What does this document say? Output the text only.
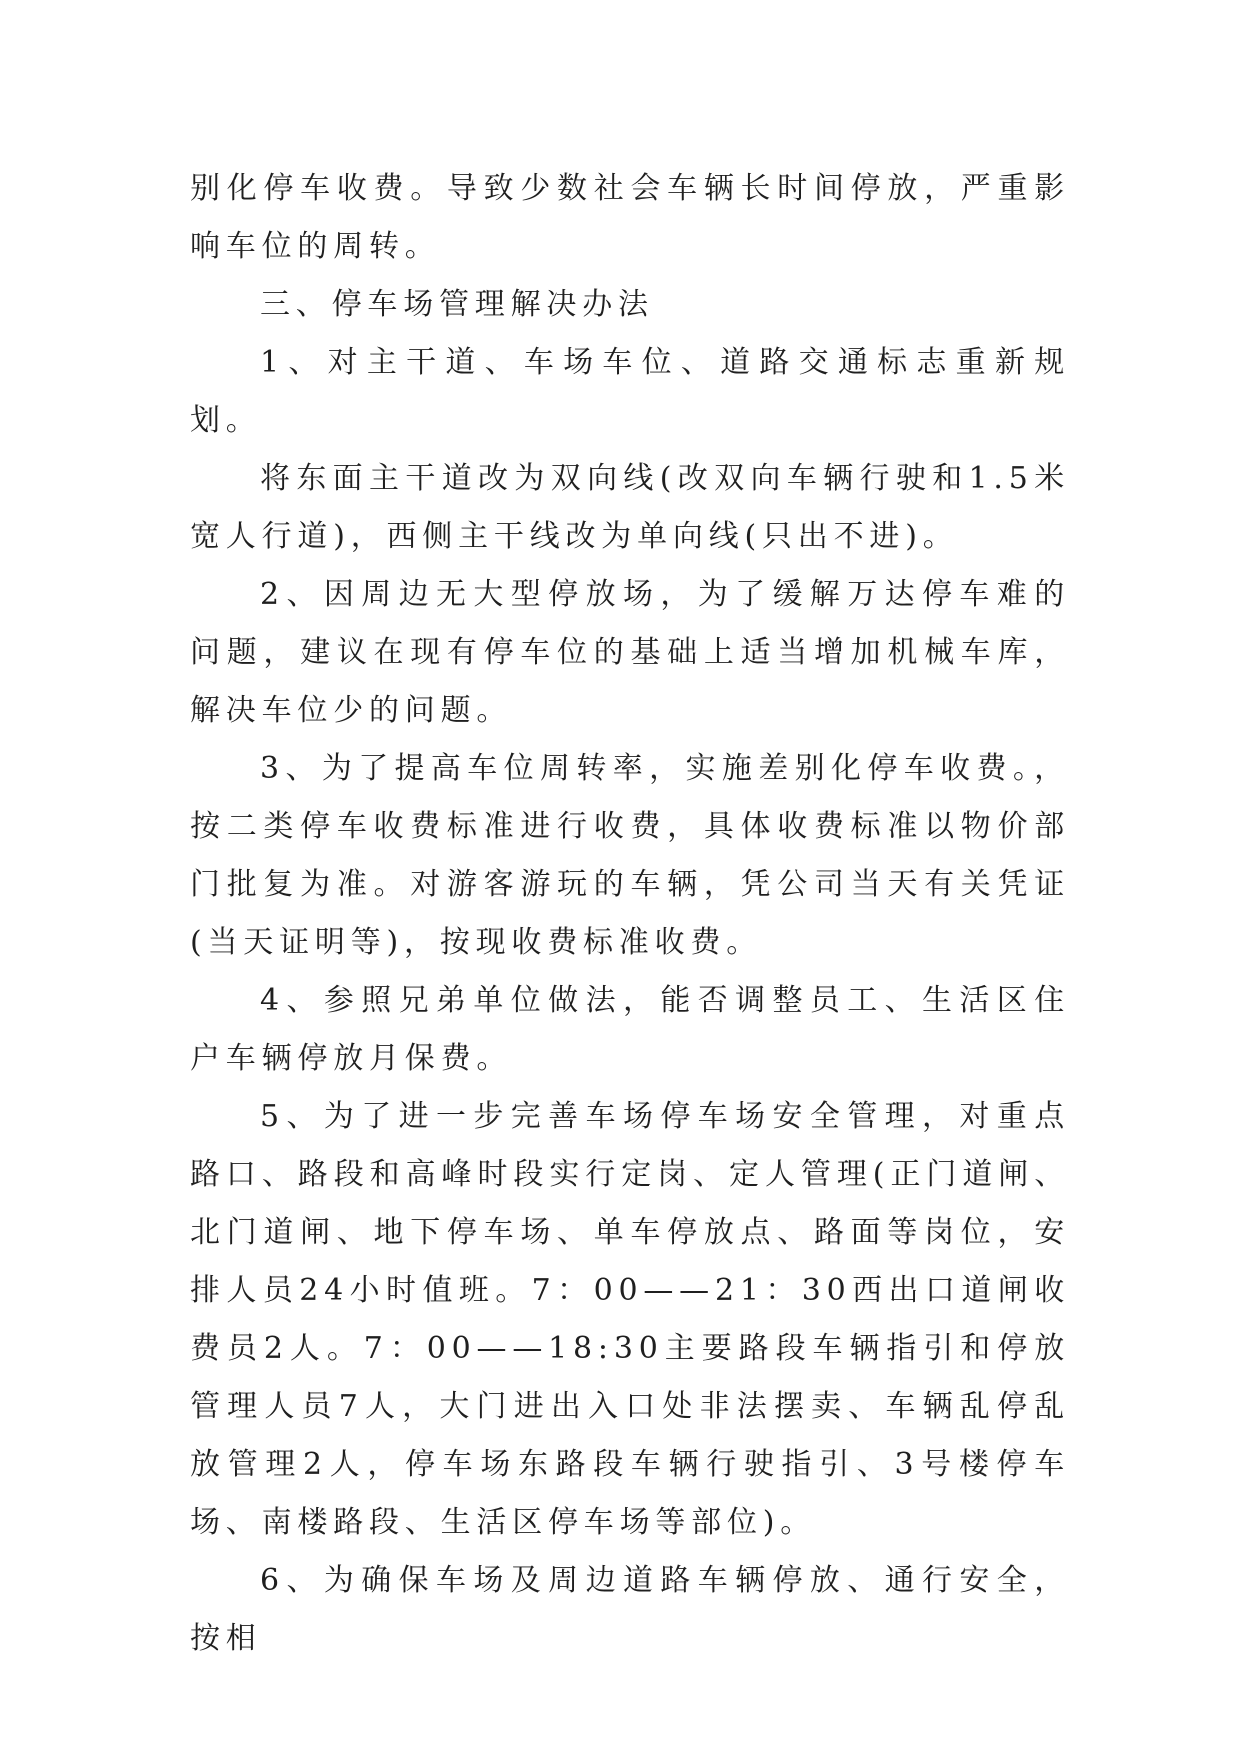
别化停车收费。导致少数社会车辆长时间停放，严重影响车位的周转。

三、停车场管理解决办法

1、对主干道、车场车位、道路交通标志重新规划。

将东面主干道改为双向线(改双向车辆行驶和1.5米宽人行道)，西侧主干线改为单向线(只出不进)。

2、因周边无大型停放场，为了缓解万达停车难的问题，建议在现有停车位的基础上适当增加机械车库，解决车位少的问题。

3、为了提高车位周转率，实施差别化停车收费。，按二类停车收费标准进行收费，具体收费标准以物价部门批复为准。对游客游玩的车辆，凭公司当天有关凭证(当天证明等)，按现收费标准收费。

4、参照兄弟单位做法，能否调整员工、生活区住户车辆停放月保费。

5、为了进一步完善车场停车场安全管理，对重点路口、路段和高峰时段实行定岗、定人管理(正门道闸、北门道闸、地下停车场、单车停放点、路面等岗位，安排人员24小时值班。7：00——21：30西出口道闸收费员2人。7：00——18:30主要路段车辆指引和停放管理人员7人，大门进出入口处非法摆卖、车辆乱停乱放管理2人，停车场东路段车辆行驶指引、3号楼停车场、南楼路段、生活区停车场等部位)。

6、为确保车场及周边道路车辆停放、通行安全，按相
